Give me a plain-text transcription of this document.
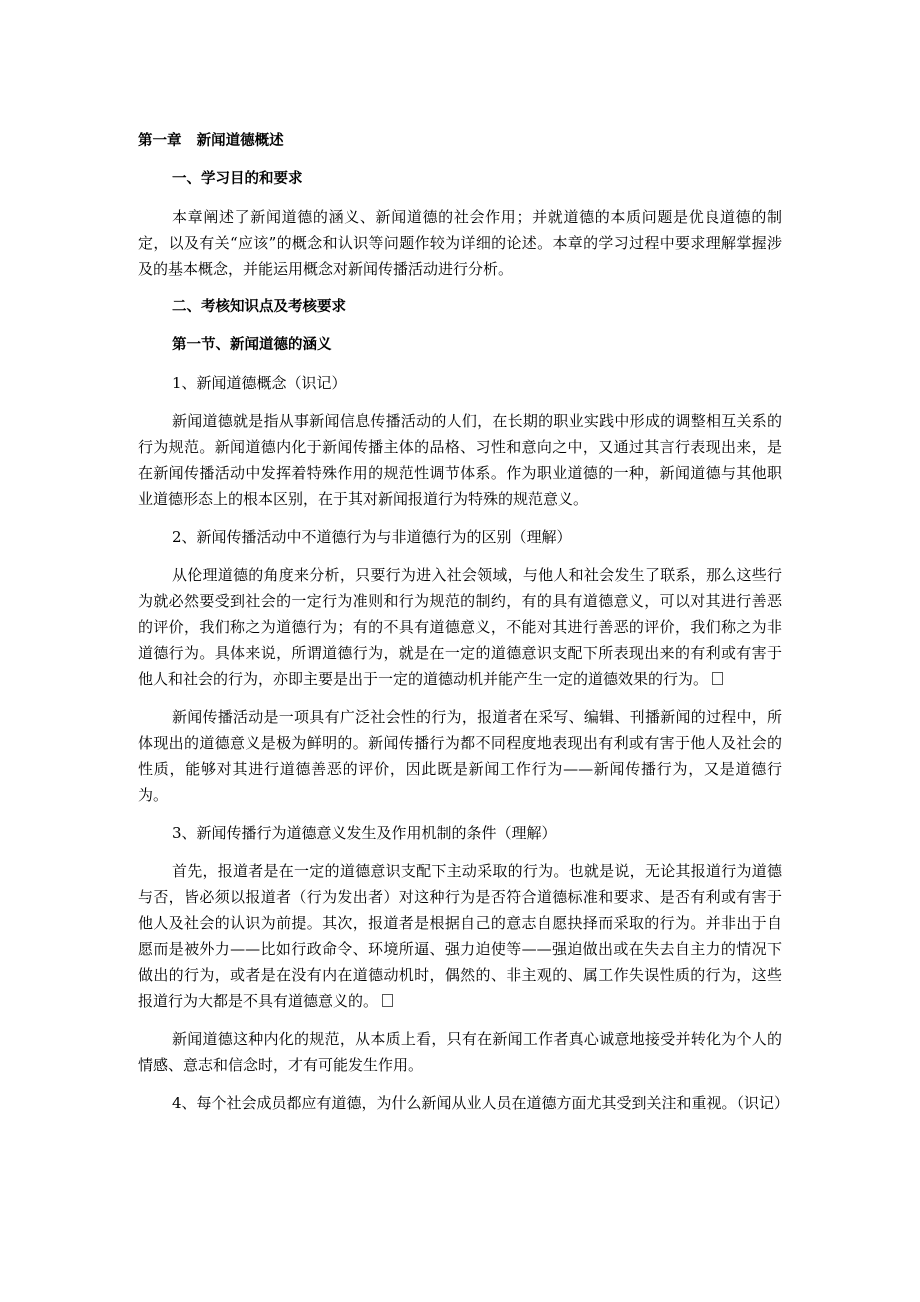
第一章   新闻道德概述

一、学习目的和要求

本章阐述了新闻道德的涵义、新闻道德的社会作用；并就道德的本质问题是优良道德的制定，以及有关“应该”的概念和认识等问题作较为详细的论述。本章的学习过程中要求理解掌握涉及的基本概念，并能运用概念对新闻传播活动进行分析。

二、考核知识点及考核要求

第一节、新闻道德的涵义

1、新闻道德概念（识记）

新闻道德就是指从事新闻信息传播活动的人们，在长期的职业实践中形成的调整相互关系的行为规范。新闻道德内化于新闻传播主体的品格、习性和意向之中，又通过其言行表现出来，是在新闻传播活动中发挥着特殊作用的规范性调节体系。作为职业道德的一种，新闻道德与其他职业道德形态上的根本区别，在于其对新闻报道行为特殊的规范意义。

2、新闻传播活动中不道德行为与非道德行为的区别（理解）

从伦理道德的角度来分析，只要行为进入社会领域，与他人和社会发生了联系，那么这些行为就必然要受到社会的一定行为准则和行为规范的制约，有的具有道德意义，可以对其进行善恶的评价，我们称之为道德行为；有的不具有道德意义，不能对其进行善恶的评价，我们称之为非道德行为。具体来说，所谓道德行为，就是在一定的道德意识支配下所表现出来的有利或有害于他人和社会的行为，亦即主要是出于一定的道德动机并能产生一定的道德效果的行为。

新闻传播活动是一项具有广泛社会性的行为，报道者在采写、编辑、刊播新闻的过程中，所体现出的道德意义是极为鲜明的。新闻传播行为都不同程度地表现出有利或有害于他人及社会的性质，能够对其进行道德善恶的评价，因此既是新闻工作行为——新闻传播行为，又是道德行为。

3、新闻传播行为道德意义发生及作用机制的条件（理解）

首先，报道者是在一定的道德意识支配下主动采取的行为。也就是说，无论其报道行为道德与否，皆必须以报道者（行为发出者）对这种行为是否符合道德标准和要求、是否有利或有害于他人及社会的认识为前提。其次，报道者是根据自己的意志自愿抉择而采取的行为。并非出于自愿而是被外力——比如行政命令、环境所逼、强力迫使等——强迫做出或在失去自主力的情况下做出的行为，或者是在没有内在道德动机时，偶然的、非主观的、属工作失误性质的行为，这些报道行为大都是不具有道德意义的。

新闻道德这种内化的规范，从本质上看，只有在新闻工作者真心诚意地接受并转化为个人的情感、意志和信念时，才有可能发生作用。

4、每个社会成员都应有道德，为什么新闻从业人员在道德方面尤其受到关注和重视。（识记）
